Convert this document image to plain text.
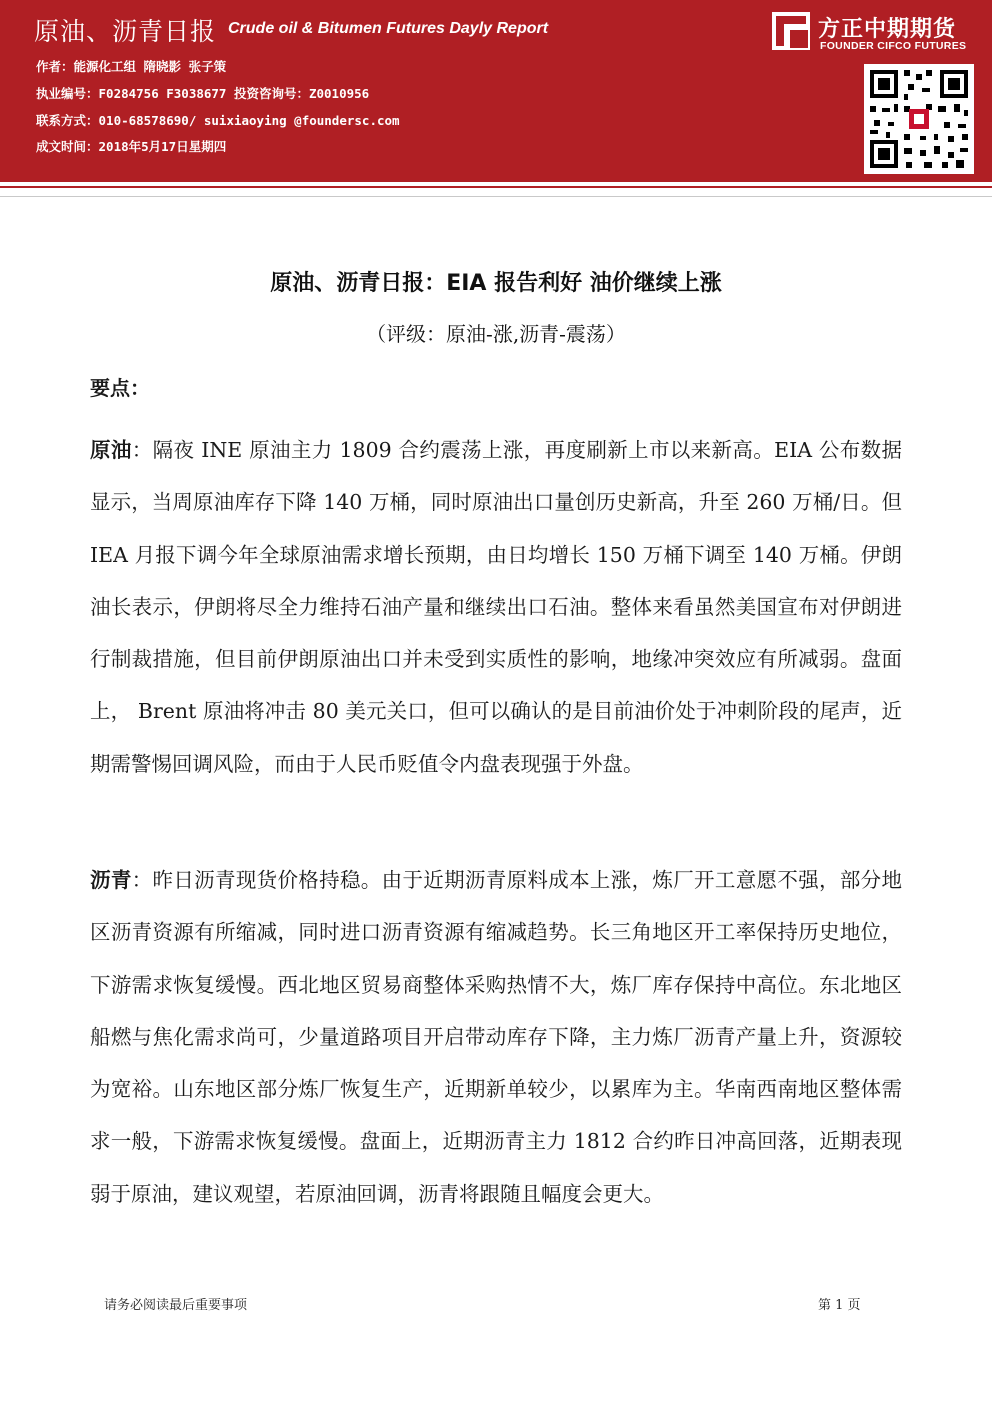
原油、沥青日报 Crude oil & Bitumen Futures Dayly Report
作者：能源化工组 隋晓影 张子策
执业编号：F0284756 F3038677 投资咨询号：Z0010956
联系方式：010-68578690/ suixiaoying @foundersc.com
成文时间：2018年5月17日星期四
方正中期期货
FOUNDER CIFCO FUTURES
原油、沥青日报：EIA 报告利好 油价继续上涨
（评级：原油-涨,沥青-震荡）
要点：

原油：隔夜 INE 原油主力 1809 合约震荡上涨，再度刷新上市以来新高。EIA 公布数据显示，当周原油库存下降 140 万桶，同时原油出口量创历史新高，升至 260 万桶/日。但 IEA 月报下调今年全球原油需求增长预期，由日均增长 150 万桶下调至 140 万桶。伊朗油长表示，伊朗将尽全力维持石油产量和继续出口石油。整体来看虽然美国宣布对伊朗进行制裁措施，但目前伊朗原油出口并未受到实质性的影响，地缘冲突效应有所减弱。盘面上， Brent 原油将冲击 80 美元关口，但可以确认的是目前油价处于冲刺阶段的尾声，近期需警惕回调风险，而由于人民币贬值令内盘表现强于外盘。

沥青：昨日沥青现货价格持稳。由于近期沥青原料成本上涨，炼厂开工意愿不强，部分地区沥青资源有所缩减，同时进口沥青资源有缩减趋势。长三角地区开工率保持历史地位，下游需求恢复缓慢。西北地区贸易商整体采购热情不大，炼厂库存保持中高位。东北地区船燃与焦化需求尚可，少量道路项目开启带动库存下降，主力炼厂沥青产量上升，资源较为宽裕。山东地区部分炼厂恢复生产，近期新单较少，以累库为主。华南西南地区整体需求一般，下游需求恢复缓慢。盘面上，近期沥青主力 1812 合约昨日冲高回落，近期表现弱于原油，建议观望，若原油回调，沥青将跟随且幅度会更大。

请务必阅读最后重要事项	第 1 页
